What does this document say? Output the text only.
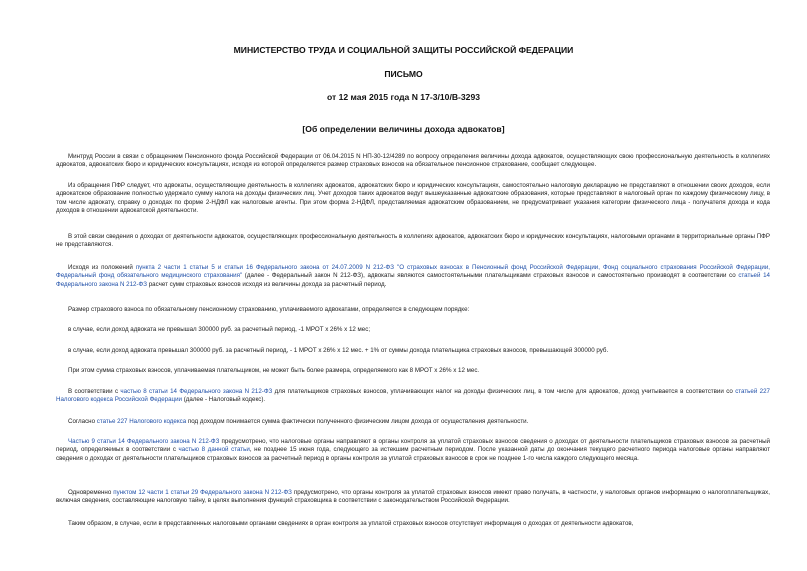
МИНИСТЕРСТВО ТРУДА И СОЦИАЛЬНОЙ ЗАЩИТЫ РОССИЙСКОЙ ФЕДЕРАЦИИ
ПИСЬМО
от 12 мая 2015 года N 17-3/10/В-3293
[Об определении величины дохода адвокатов]

Минтруд России в связи с обращением Пенсионного фонда Российской Федерации от 06.04.2015 N НП-30-12/4289 по вопросу определения величины дохода адвокатов, осуществляющих свою профессиональную деятельность в коллегиях адвокатов, адвокатских бюро и юридических консультациях, исходя из которой определяется размер страховых взносов на обязательное пенсионное страхование, сообщает следующее.

Из обращения ПФР следует, что адвокаты, осуществляющие деятельность в коллегиях адвокатов, адвокатских бюро и юридических консультациях, самостоятельно налоговую декларацию не представляют в отношении своих доходов, если адвокатское образование полностью удержало сумму налога на доходы физических лиц. Учет доходов таких адвокатов ведут вышеуказанные адвокатские образования, которые представляют в налоговый орган по каждому физическому лицу, в том числе адвокату, справку о доходах по форме 2-НДФЛ как налоговые агенты. При этом форма 2-НДФЛ, представляемая адвокатским образованием, не предусматривает указания категории физического лица - получателя дохода и кода доходов в отношении адвокатской деятельности.

В этой связи сведения о доходах от деятельности адвокатов, осуществляющих профессиональную деятельность в коллегиях адвокатов, адвокатских бюро и юридических консультациях, налоговыми органами в территориальные органы ПФР не представляются.

Исходя из положений пункта 2 части 1 статьи 5 и статьи 16 Федерального закона от 24.07.2009 N 212-ФЗ "О страховых взносах в Пенсионный фонд Российской Федерации, Фонд социального страхования Российской Федерации, Федеральный фонд обязательного медицинского страхования" (далее - Федеральный закон N 212-ФЗ), адвокаты являются самостоятельными плательщиками страховых взносов и самостоятельно производят в соответствии со статьей 14 Федерального закона N 212-ФЗ расчет сумм страховых взносов исходя из величины дохода за расчетный период.

Размер страхового взноса по обязательному пенсионному страхованию, уплачиваемого адвокатами, определяется в следующем порядке:

в случае, если доход адвоката не превышал 300000 руб. за расчетный период, -1 МРОТ х 26% х 12 мес;

в случае, если доход адвоката превышал 300000 руб. за расчетный период, - 1 МРОТ х 26% х 12 мес. + 1% от суммы дохода плательщика страховых взносов, превышающей 300000 руб.

При этом сумма страховых взносов, уплачиваемая плательщиком, не может быть более размера, определяемого как 8 МРОТ х 26% х 12 мес.

В соответствии с частью 8 статьи 14 Федерального закона N 212-ФЗ для плательщиков страховых взносов, уплачивающих налог на доходы физических лиц, в том числе для адвокатов, доход учитывается в соответствии со статьей 227 Налогового кодекса Российской Федерации (далее - Налоговый кодекс).

Согласно статье 227 Налогового кодекса под доходом понимается сумма фактически полученного физическим лицом дохода от осуществления деятельности.

Частью 9 статьи 14 Федерального закона N 212-ФЗ предусмотрено, что налоговые органы направляют в органы контроля за уплатой страховых взносов сведения о доходах от деятельности плательщиков страховых взносов за расчетный период, определяемых в соответствии с частью 8 данной статьи, не позднее 15 июня года, следующего за истекшим расчетным периодом. После указанной даты до окончания текущего расчетного периода налоговые органы направляют сведения о доходах от деятельности плательщиков страховых взносов за расчетный период в органы контроля за уплатой страховых взносов в срок не позднее 1-го числа каждого следующего месяца.

Одновременно пунктом 12 части 1 статьи 29 Федерального закона N 212-ФЗ предусмотрено, что органы контроля за уплатой страховых взносов имеют право получать, в частности, у налоговых органов информацию о налогоплательщиках, включая сведения, составляющие налоговую тайну, в целях выполнения функций страховщика в соответствии с законодательством Российской Федерации.

Таким образом, в случае, если в представленных налоговыми органами сведениях в орган контроля за уплатой страховых взносов отсутствует информация о доходах от деятельности адвокатов,
